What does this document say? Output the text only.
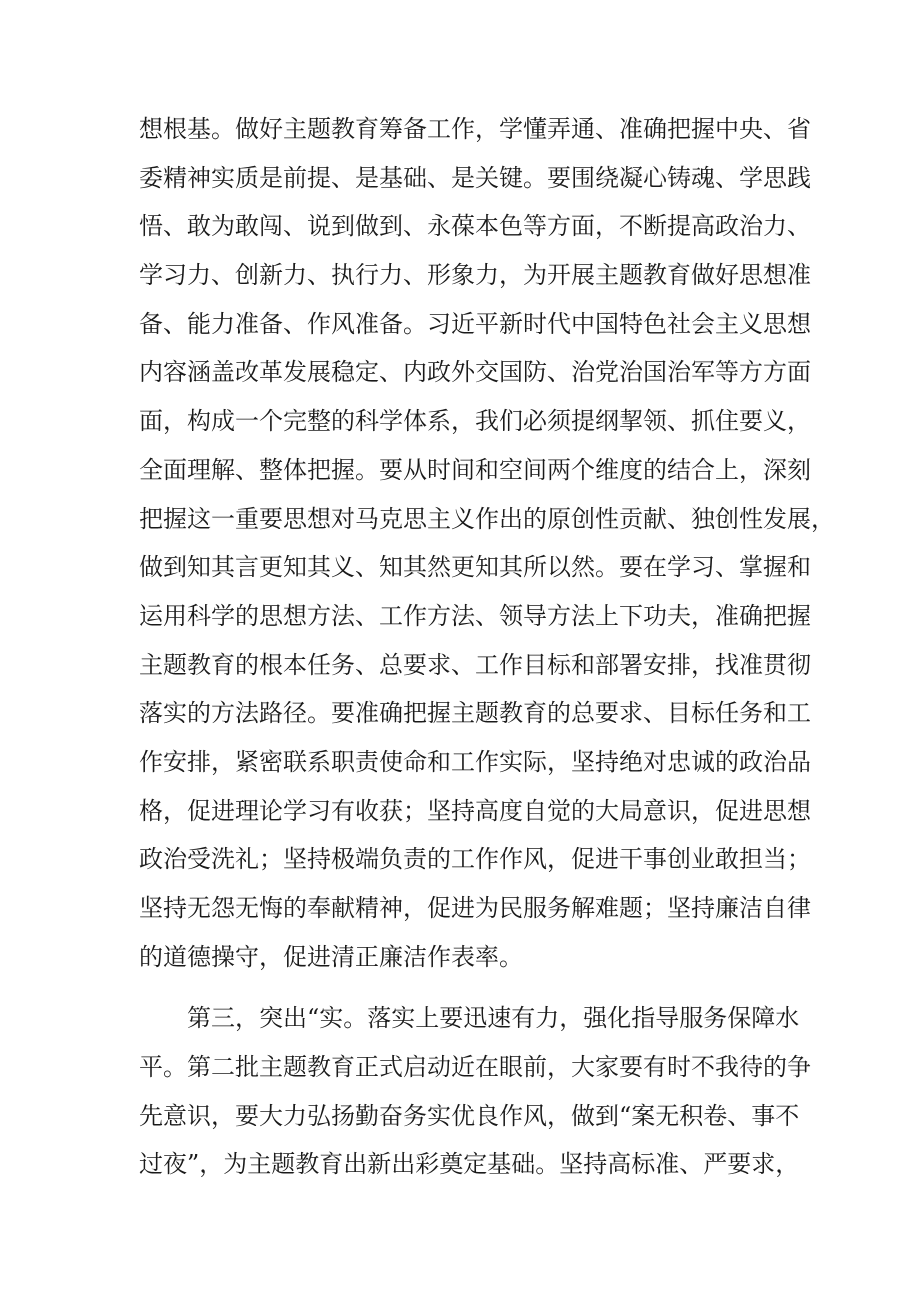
想根基。做好主题教育筹备工作，学懂弄通、准确把握中央、省
委精神实质是前提、是基础、是关键。要围绕凝心铸魂、学思践
悟、敢为敢闯、说到做到、永葆本色等方面，不断提高政治力、
学习力、创新力、执行力、形象力，为开展主题教育做好思想准
备、能力准备、作风准备。习近平新时代中国特色社会主义思想
内容涵盖改革发展稳定、内政外交国防、治党治国治军等方方面
面，构成一个完整的科学体系，我们必须提纲挈领、抓住要义，
全面理解、整体把握。要从时间和空间两个维度的结合上，深刻
把握这一重要思想对马克思主义作出的原创性贡献、独创性发展，
做到知其言更知其义、知其然更知其所以然。要在学习、掌握和
运用科学的思想方法、工作方法、领导方法上下功夫，准确把握
主题教育的根本任务、总要求、工作目标和部署安排，找准贯彻
落实的方法路径。要准确把握主题教育的总要求、目标任务和工
作安排，紧密联系职责使命和工作实际，坚持绝对忠诚的政治品
格，促进理论学习有收获；坚持高度自觉的大局意识，促进思想
政治受洗礼；坚持极端负责的工作作风，促进干事创业敢担当；
坚持无怨无悔的奉献精神，促进为民服务解难题；坚持廉洁自律
的道德操守，促进清正廉洁作表率。
第三，突出“实。落实上要迅速有力，强化指导服务保障水
平。第二批主题教育正式启动近在眼前，大家要有时不我待的争
先意识，要大力弘扬勤奋务实优良作风，做到“案无积卷、事不
过夜”，为主题教育出新出彩奠定基础。坚持高标准、严要求，
